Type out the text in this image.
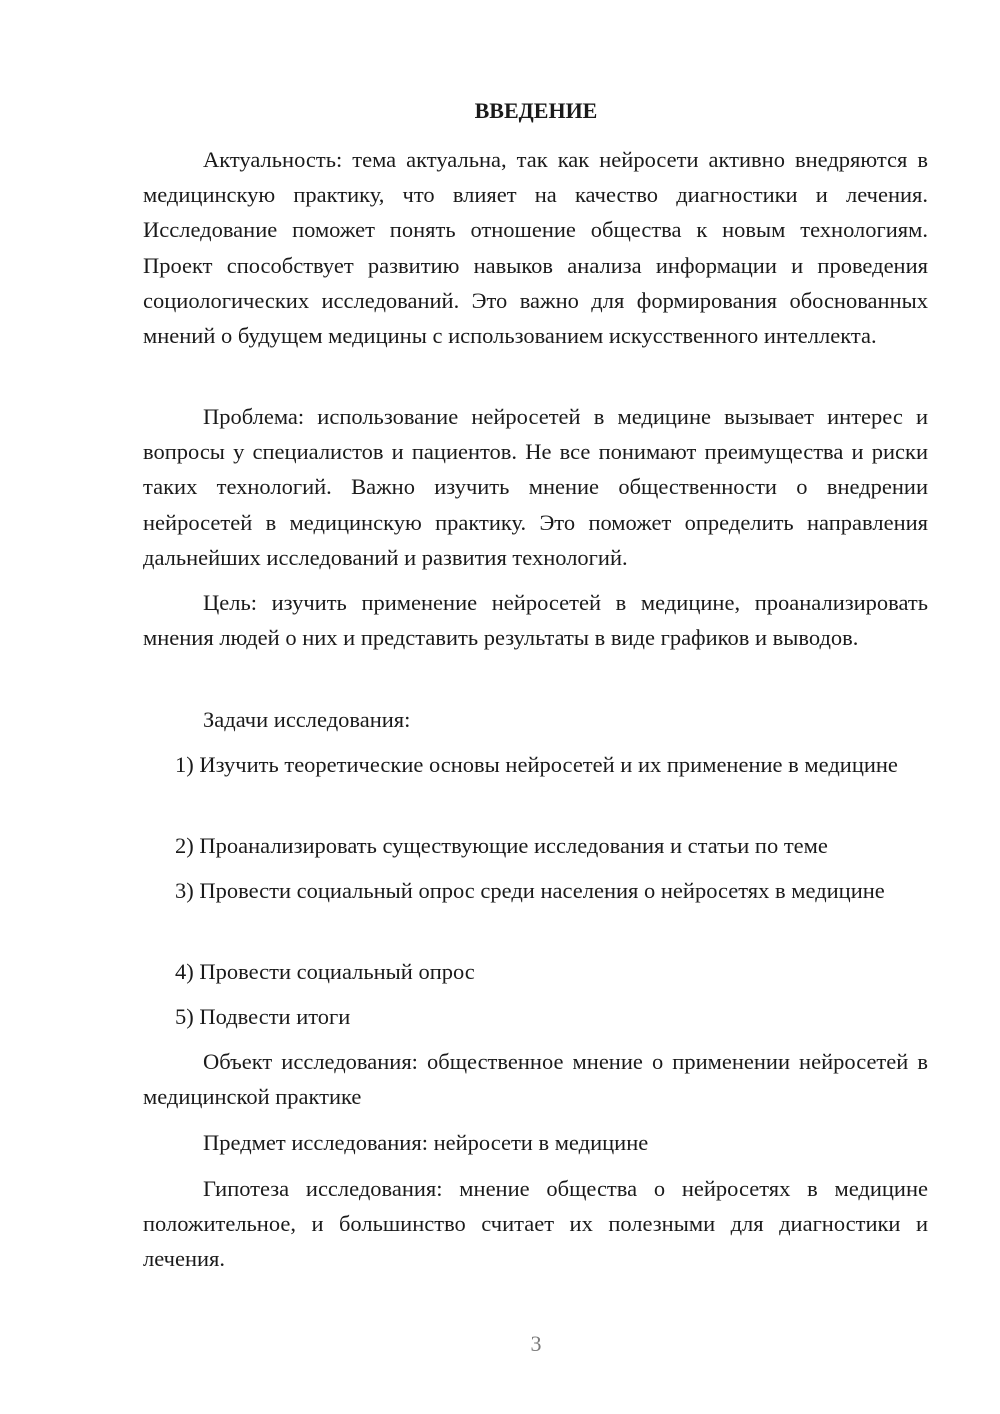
ВВЕДЕНИЕ

Актуальность: тема актуальна, так как нейросети активно внедряются в медицинскую практику, что влияет на качество диагностики и лечения. Исследование поможет понять отношение общества к новым технологиям. Проект способствует развитию навыков анализа информации и проведения социологических исследований. Это важно для формирования обоснованных мнений о будущем медицины с использованием искусственного интеллекта.

Проблема: использование нейросетей в медицине вызывает интерес и вопросы у специалистов и пациентов. Не все понимают преимущества и риски таких технологий. Важно изучить мнение общественности о внедрении нейросетей в медицинскую практику. Это поможет определить направления дальнейших исследований и развития технологий.

Цель: изучить применение нейросетей в медицине, проанализировать мнения людей о них и представить результаты в виде графиков и выводов.

Задачи исследования:

1) Изучить теоретические основы нейросетей и их применение в медицине

2) Проанализировать существующие исследования и статьи по теме

3) Провести социальный опрос среди населения о нейросетях в медицине

4) Провести социальный опрос

5) Подвести итоги

Объект исследования: общественное мнение о применении нейросетей в медицинской практике

Предмет исследования: нейросети в медицине

Гипотеза исследования: мнение общества о нейросетях в медицине положительное, и большинство считает их полезными для диагностики и лечения.

3
